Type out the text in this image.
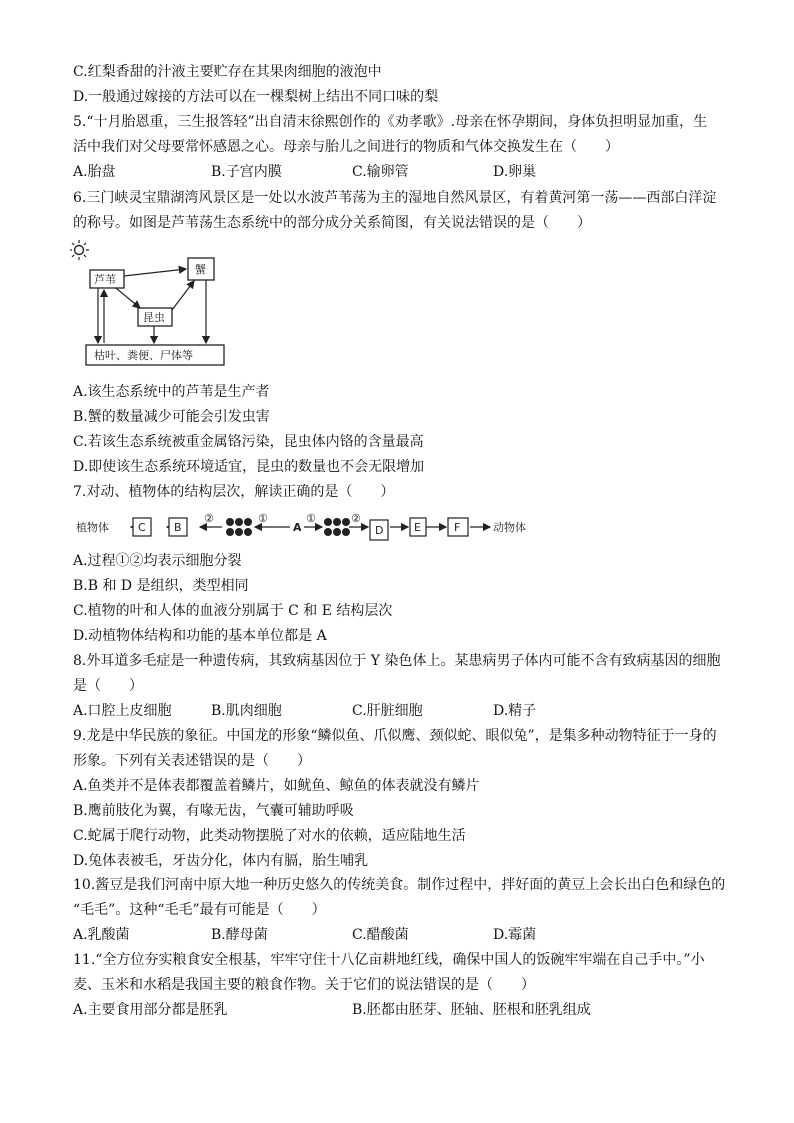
C.红梨香甜的汁液主要贮存在其果肉细胞的液泡中
D.一般通过嫁接的方法可以在一棵梨树上结出不同口味的梨
5.“十月胎恩重，三生报答轻”出自清末徐熙创作的《劝孝歌》.母亲在怀孕期间，身体负担明显加重，生
活中我们对父母要常怀感恩之心。母亲与胎儿之间进行的物质和气体交换发生在（　　）
A.胎盘	B.子宫内膜	C.输卵管	D.卵巢
6.三门峡灵宝鼎湖湾风景区是一处以水波芦苇荡为主的湿地自然风景区，有着黄河第一荡——西部白洋淀
的称号。如图是芦苇荡生态系统中的部分成分关系简图，有关说法错误的是（　　）
芦苇
蟹
昆虫
枯叶、粪便、尸体等
A.该生态系统中的芦苇是生产者
B.蟹的数量减少可能会引发虫害
C.若该生态系统被重金属铬污染，昆虫体内铬的含量最高
D.即使该生态系统环境适宜，昆虫的数量也不会无限增加
7.对动、植物体的结构层次，解读正确的是（　　）
植物体	C	B
②	①
A
①	②
D	E	F	动物体
A.过程①②均表示细胞分裂
B.B 和 D 是组织，类型相同
C.植物的叶和人体的血液分别属于 C 和 E 结构层次
D.动植物体结构和功能的基本单位都是 A
8.外耳道多毛症是一种遗传病，其致病基因位于 Y 染色体上。某患病男子体内可能不含有致病基因的细胞
是（　　）
A.口腔上皮细胞	B.肌肉细胞	C.肝脏细胞	D.精子
9.龙是中华民族的象征。中国龙的形象“鳞似鱼、爪似鹰、颈似蛇、眼似兔”，是集多种动物特征于一身的
形象。下列有关表述错误的是（　　）
A.鱼类并不是体表都覆盖着鳞片，如鱿鱼、鲸鱼的体表就没有鳞片
B.鹰前肢化为翼，有喙无齿，气囊可辅助呼吸
C.蛇属于爬行动物，此类动物摆脱了对水的依赖，适应陆地生活
D.兔体表被毛，牙齿分化，体内有膈，胎生哺乳
10.酱豆是我们河南中原大地一种历史悠久的传统美食。制作过程中，拌好面的黄豆上会长出白色和绿色的
“毛毛”。这种“毛毛”最有可能是（　　）
A.乳酸菌	B.酵母菌	C.醋酸菌	D.霉菌
11.“全方位夯实粮食安全根基，牢牢守住十八亿亩耕地红线，确保中国人的饭碗牢牢端在自己手中。”小
麦、玉米和水稻是我国主要的粮食作物。关于它们的说法错误的是（　　）
A.主要食用部分都是胚乳	B.胚都由胚芽、胚轴、胚根和胚乳组成
